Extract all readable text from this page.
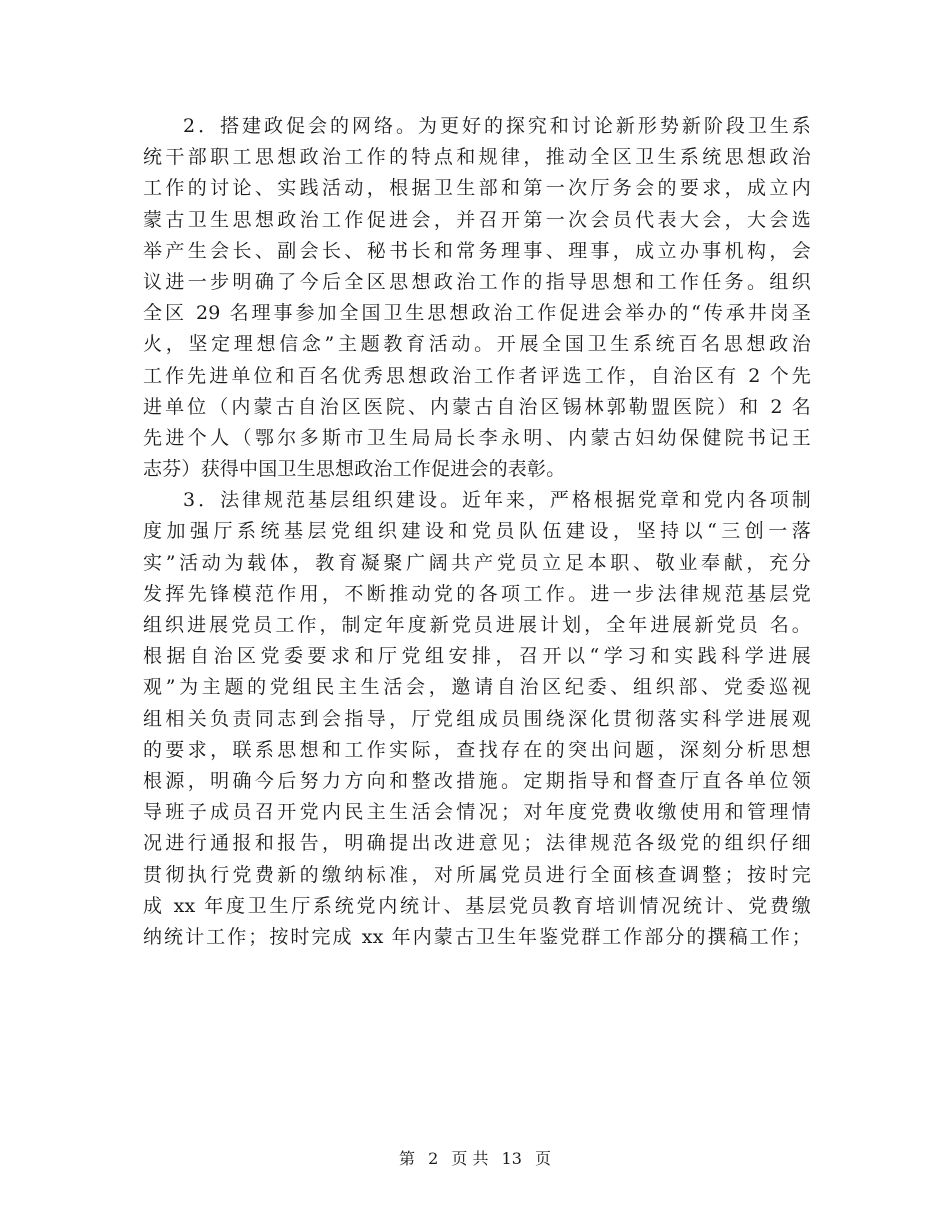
2．搭建政促会的网络。为更好的探究和讨论新形势新阶段卫生系
统干部职工思想政治工作的特点和规律，推动全区卫生系统思想政治
工作的讨论、实践活动，根据卫生部和第一次厅务会的要求，成立内
蒙古卫生思想政治工作促进会，并召开第一次会员代表大会，大会选
举产生会长、副会长、秘书长和常务理事、理事，成立办事机构，会
议进一步明确了今后全区思想政治工作的指导思想和工作任务。组织
全区 29 名理事参加全国卫生思想政治工作促进会举办的“传承井岗圣
火，坚定理想信念”主题教育活动。开展全国卫生系统百名思想政治
工作先进单位和百名优秀思想政治工作者评选工作，自治区有 2 个先
进单位（内蒙古自治区医院、内蒙古自治区锡林郭勒盟医院）和 2 名
先进个人（鄂尔多斯市卫生局局长李永明、内蒙古妇幼保健院书记王
志芬）获得中国卫生思想政治工作促进会的表彰。
3．法律规范基层组织建设。近年来，严格根据党章和党内各项制
度加强厅系统基层党组织建设和党员队伍建设，坚持以“三创一落
实”活动为载体，教育凝聚广阔共产党员立足本职、敬业奉献，充分
发挥先锋模范作用，不断推动党的各项工作。进一步法律规范基层党
组织进展党员工作，制定年度新党员进展计划，全年进展新党员 名。
根据自治区党委要求和厅党组安排，召开以“学习和实践科学进展
观”为主题的党组民主生活会，邀请自治区纪委、组织部、党委巡视
组相关负责同志到会指导，厅党组成员围绕深化贯彻落实科学进展观
的要求，联系思想和工作实际，查找存在的突出问题，深刻分析思想
根源，明确今后努力方向和整改措施。定期指导和督查厅直各单位领
导班子成员召开党内民主生活会情况；对年度党费收缴使用和管理情
况进行通报和报告，明确提出改进意见；法律规范各级党的组织仔细
贯彻执行党费新的缴纳标准，对所属党员进行全面核查调整；按时完
成 xx 年度卫生厅系统党内统计、基层党员教育培训情况统计、党费缴
纳统计工作；按时完成 xx 年内蒙古卫生年鉴党群工作部分的撰稿工作；
第 2 页 共 13 页
